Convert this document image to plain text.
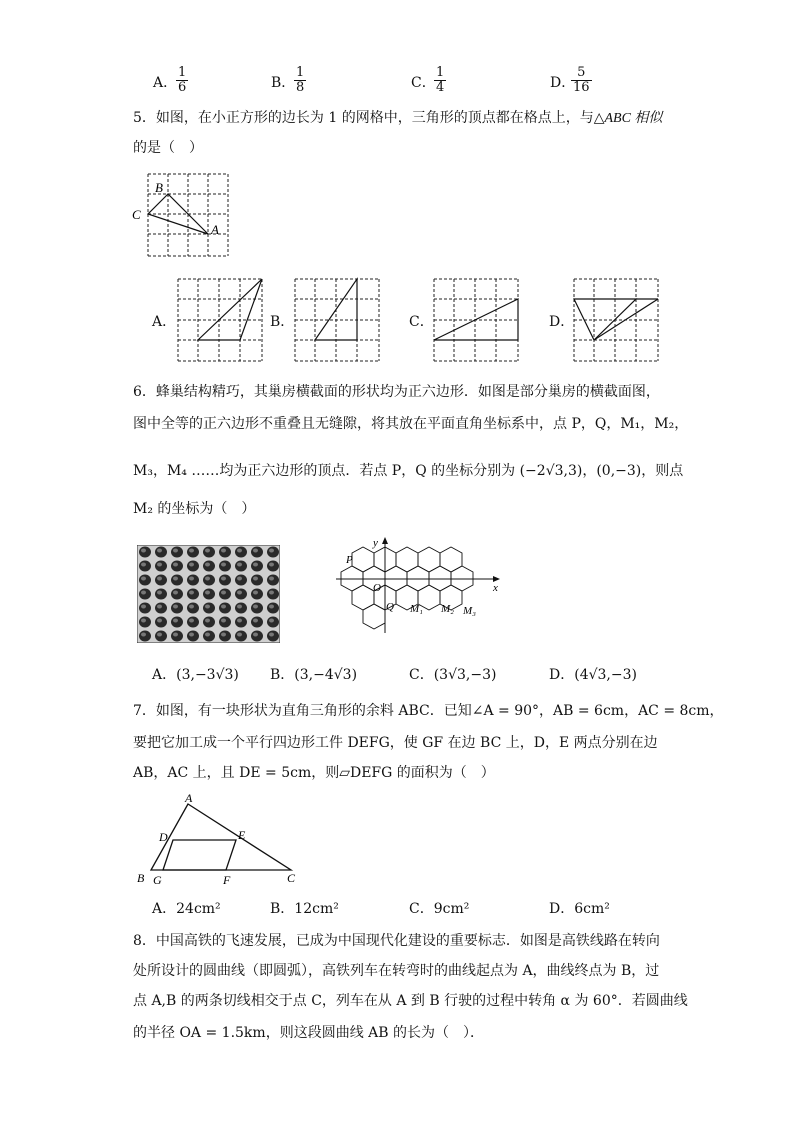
A．
$\frac{1}{6}$	B．
$\frac{1}{8}$	C．
$\frac{1}{4}$	D．
$\frac{5}{16}$
5．如图，在小正方形的边长为 1 的网格中，三角形的顶点都在格点上，与△ABC 相似
的是（　）
B
C
A
A．	B．	C．	D．
6．蜂巢结构精巧，其巢房横截面的形状均为正六边形．如图是部分巢房的横截面图，
图中全等的正六边形不重叠且无缝隙，将其放在平面直角坐标系中，点 P，Q，M₁，M₂，
M₃，M₄ ……均为正六边形的顶点．若点 P，Q 的坐标分别为 (−2√3,3)，(0,−3)，则点
M₂ 的坐标为（　）
y
x
P
O
Q M₁ M₂ M₃
A．(3,−3√3) B．(3,−4√3)	C．(3√3,−3)	D．(4√3,−3)
7．如图，有一块形状为直角三角形的余料 ABC．已知∠A = 90°，AB = 6cm，AC = 8cm，
要把它加工成一个平行四边形工件 DEFG，使 GF 在边 BC 上，D，E 两点分别在边
AB，AC 上，且 DE = 5cm，则▱DEFG 的面积为（　）
A
D	E
B G	F	C
A．24cm²	B．12cm²	C．9cm²	D．6cm²
8．中国高铁的飞速发展，已成为中国现代化建设的重要标志．如图是高铁线路在转向
处所设计的圆曲线（即圆弧），高铁列车在转弯时的曲线起点为 A，曲线终点为 B，过
点 A,B 的两条切线相交于点 C，列车在从 A 到 B 行驶的过程中转角 α 为 60°．若圆曲线
的半径 OA = 1.5km，则这段圆曲线 AB 的长为（　）．
